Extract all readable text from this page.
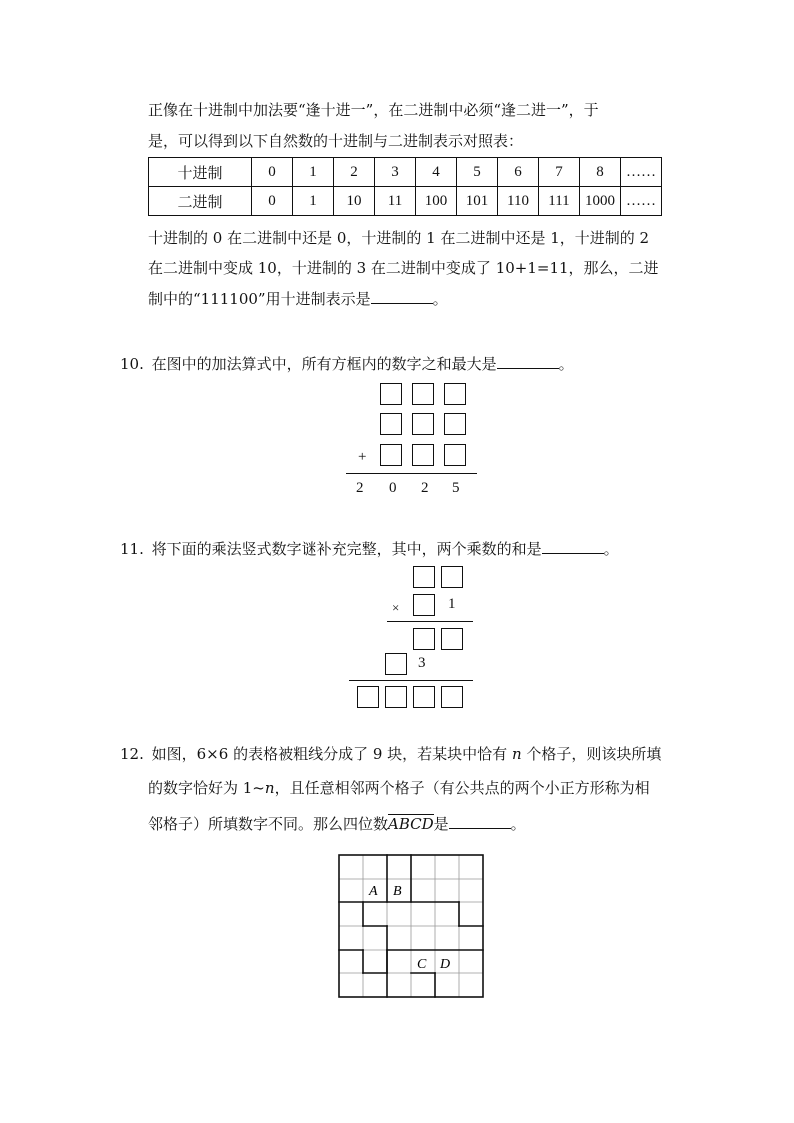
正像在十进制中加法要“逢十进一”，在二进制中必须“逢二进一”，于
是，可以得到以下自然数的十进制与二进制表示对照表：
十进制	0	1	2	3	4	5	6	7	8	……
二进制	0	1	10	11	100	101	110	111	1000	……
十进制的 0 在二进制中还是 0，十进制的 1 在二进制中还是 1，十进制的 2
在二进制中变成 10，十进制的 3 在二进制中变成了 10+1=11，那么，二进
制中的“111100”用十进制表示是	。
10. 在图中的加法算式中，所有方框内的数字之和最大是	。
+
2 0 2 5
11. 将下面的乘法竖式数字谜补充完整，其中，两个乘数的和是	。
×	1
3
12. 如图，6×6 的表格被粗线分成了 9 块，若某块中恰有 n 个格子，则该块所填
的数字恰好为 1~n，且任意相邻两个格子（有公共点的两个小正方形称为相
邻格子）所填数字不同。那么四位数ABCD是	。
A B
C D
